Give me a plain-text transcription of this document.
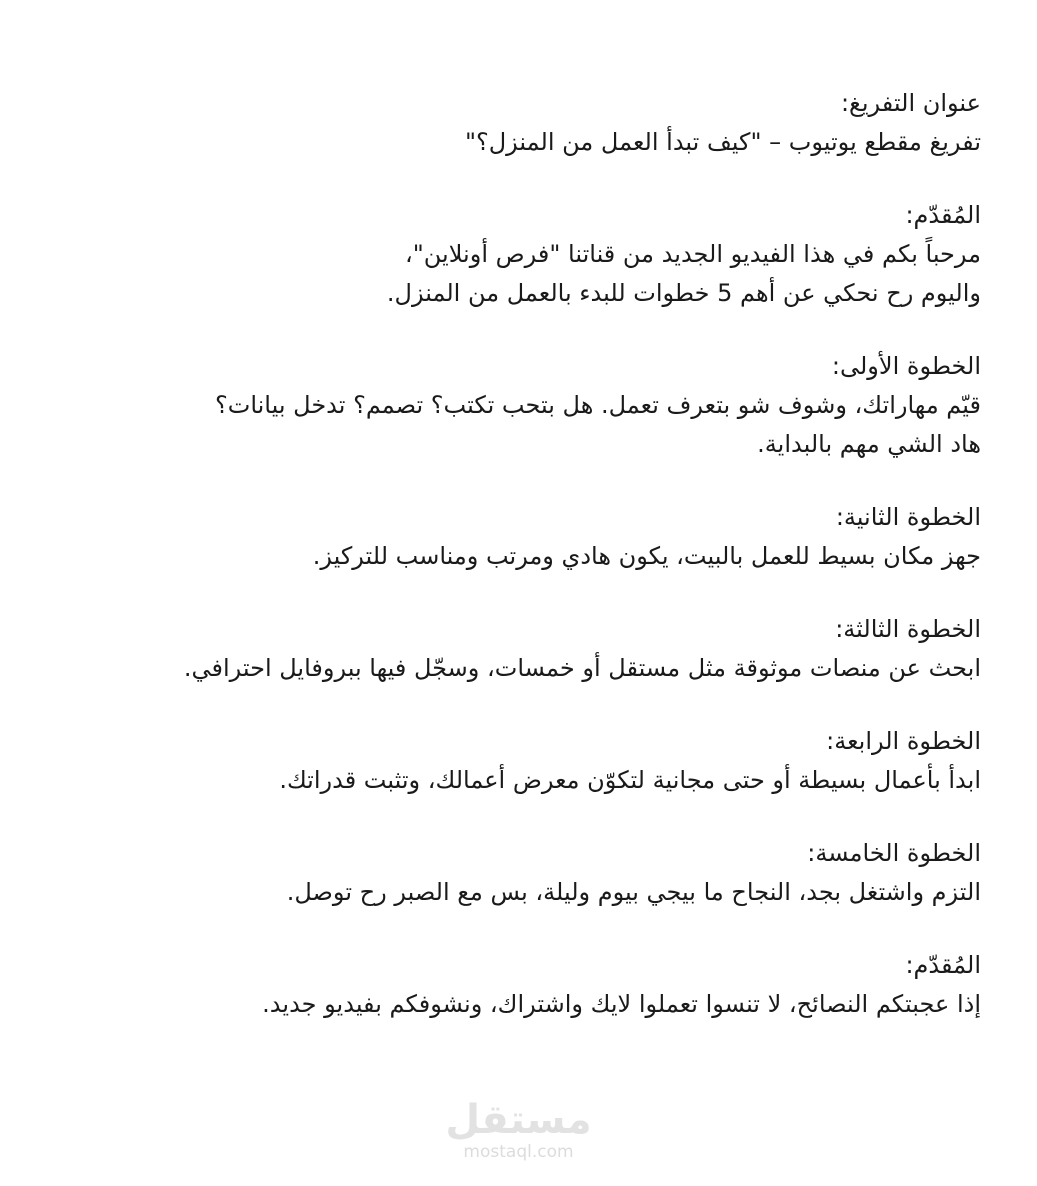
عنوان التفريغ:
تفريغ مقطع يوتيوب – "كيف تبدأ العمل من المنزل؟"
المُقدّم:
مرحباً بكم في هذا الفيديو الجديد من قناتنا "فرص أونلاين"،
واليوم رح نحكي عن أهم 5 خطوات للبدء بالعمل من المنزل.
الخطوة الأولى:
قيّم مهاراتك، وشوف شو بتعرف تعمل. هل بتحب تكتب؟ تصمم؟ تدخل بيانات؟
هاد الشي مهم بالبداية.
الخطوة الثانية:
جهز مكان بسيط للعمل بالبيت، يكون هادي ومرتب ومناسب للتركيز.
الخطوة الثالثة:
ابحث عن منصات موثوقة مثل مستقل أو خمسات، وسجّل فيها ببروفايل احترافي.
الخطوة الرابعة:
ابدأ بأعمال بسيطة أو حتى مجانية لتكوّن معرض أعمالك، وتثبت قدراتك.
الخطوة الخامسة:
التزم واشتغل بجد، النجاح ما بيجي بيوم وليلة، بس مع الصبر رح توصل.
المُقدّم:
إذا عجبتكم النصائح، لا تنسوا تعملوا لايك واشتراك، ونشوفكم بفيديو جديد.
مستقل
mostaql.com
